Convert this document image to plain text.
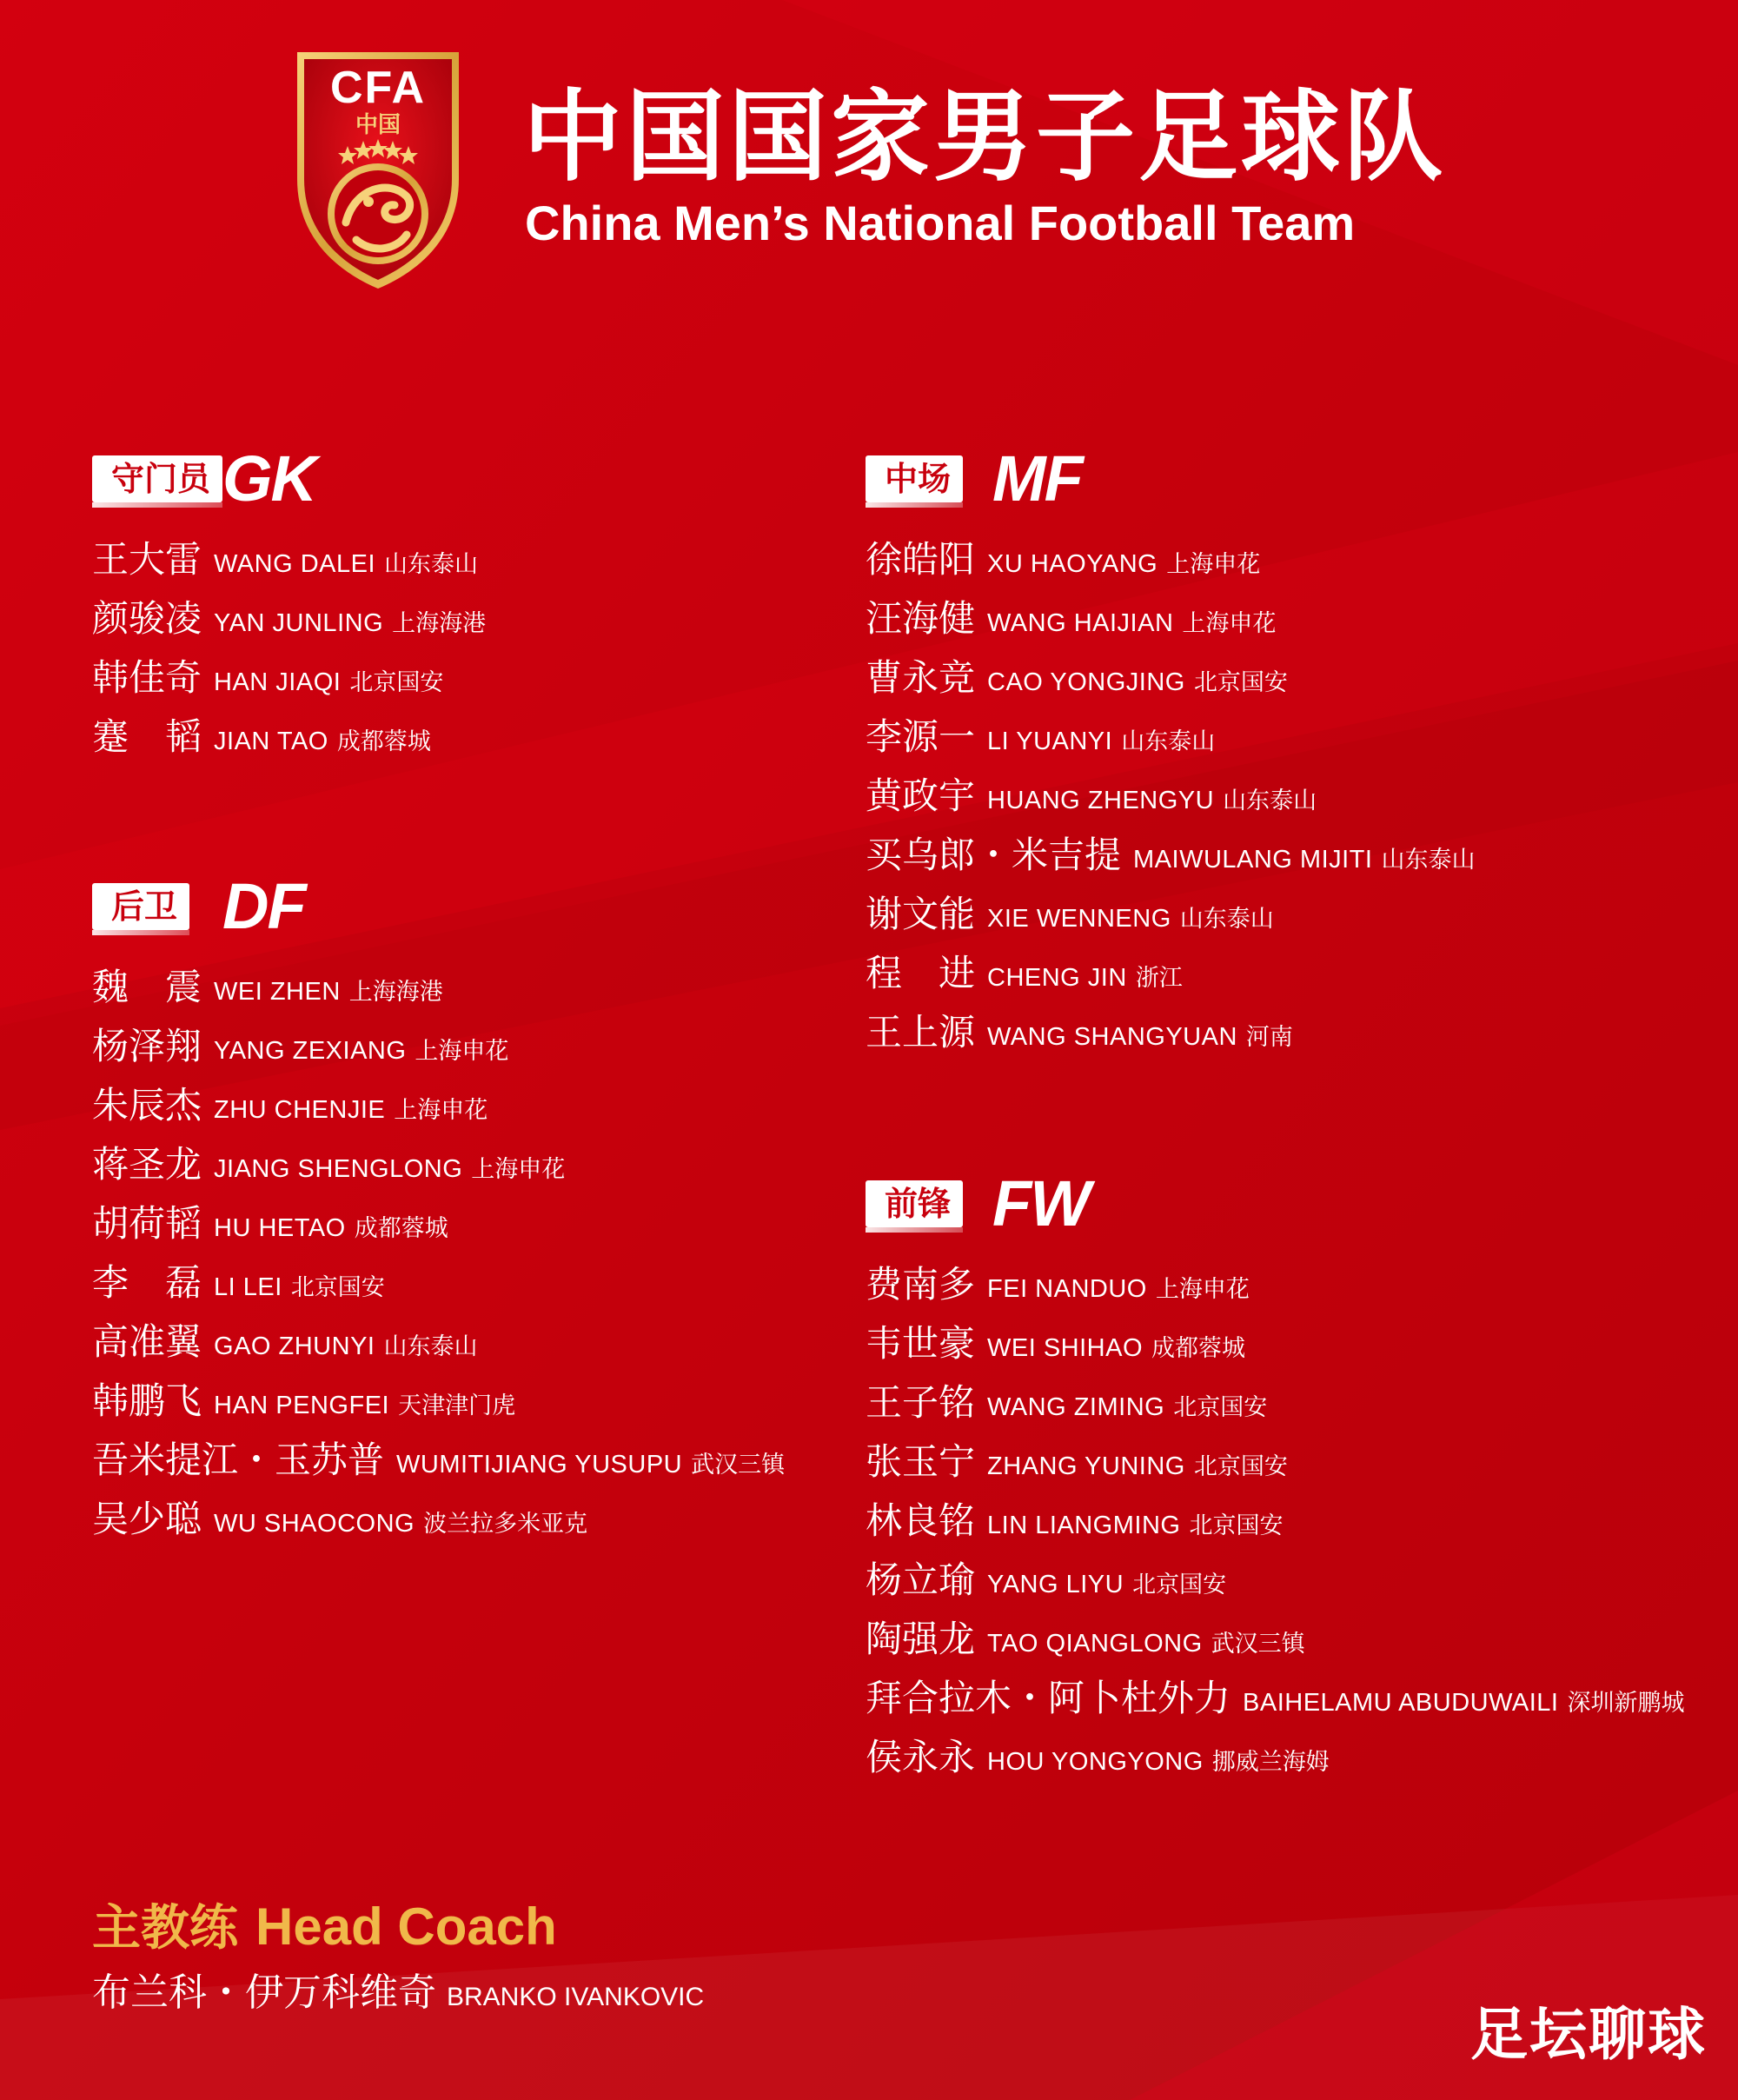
CFA
中国 中国国家男子足球队
China Men’s National Football Team
守门员 GK
王大雷 WANG DALEI 山东泰山
颜骏凌 YAN JUNLING 上海海港
韩佳奇 HAN JIAQI 北京国安
蹇　韬 JIAN TAO 成都蓉城
后卫 DF
魏　震 WEI ZHEN 上海海港
杨泽翔 YANG ZEXIANG 上海申花
朱辰杰 ZHU CHENJIE 上海申花
蒋圣龙 JIANG SHENGLONG 上海申花
胡荷韬 HU HETAO 成都蓉城
李　磊 LI LEI 北京国安
高准翼 GAO ZHUNYI 山东泰山
韩鹏飞 HAN PENGFEI 天津津门虎
吾米提江・玉苏普 WUMITIJIANG YUSUPU 武汉三镇
吴少聪 WU SHAOCONG 波兰拉多米亚克
中场 MF
徐皓阳 XU HAOYANG 上海申花
汪海健 WANG HAIJIAN 上海申花
曹永竞 CAO YONGJING 北京国安
李源一 LI YUANYI 山东泰山
黄政宇 HUANG ZHENGYU 山东泰山
买乌郎・米吉提 MAIWULANG MIJITI 山东泰山
谢文能 XIE WENNENG 山东泰山
程　进 CHENG JIN 浙江
王上源 WANG SHANGYUAN 河南
前锋 FW
费南多 FEI NANDUO 上海申花
韦世豪 WEI SHIHAO 成都蓉城
王子铭 WANG ZIMING 北京国安
张玉宁 ZHANG YUNING 北京国安
林良铭 LIN LIANGMING 北京国安
杨立瑜 YANG LIYU 北京国安
陶强龙 TAO QIANGLONG 武汉三镇
拜合拉木・阿卜杜外力 BAIHELAMU ABUDUWAILI 深圳新鹏城
侯永永 HOU YONGYONG 挪威兰海姆
主教练 Head Coach
布兰科・伊万科维奇 BRANKO IVANKOVIC
足坛聊球
